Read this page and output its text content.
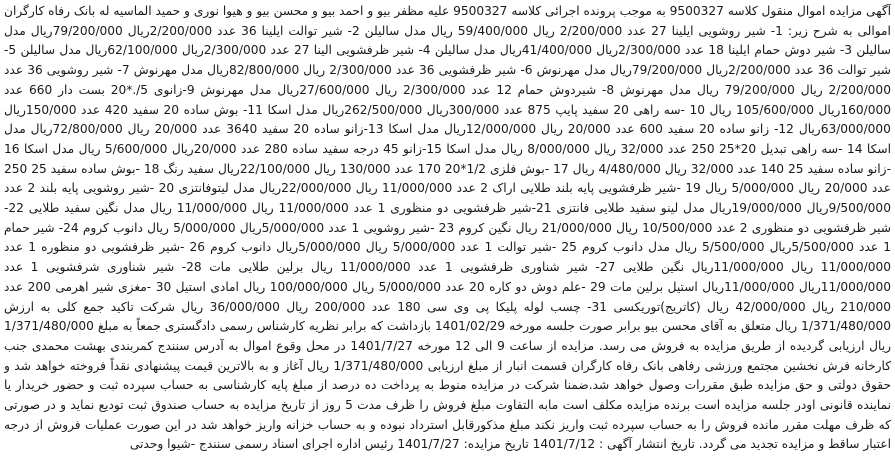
آگهی مزایده اموال منقول کلاسه 9500327 به موجب پرونده اجرائی کلاسه 9500327 علیه مظفر بیو و احمد بیو و محسن بیو و هیوا نوری و حمید الماسیه له بانک رفاه کارگران اموالی به شرح زیر: 1- شیر روشویی ایلینا 27 عدد 2/200/000 ریال 59/400/000 ریال مدل سالیلن 2- شیر توالت ایلینا 36 عدد 2/200/000ریال 79/200/000ریال مدل سالیلن 3- شیر دوش حمام ایلینا 18 عدد 2/300/000ریال 41/400/000ریال مدل سالیلن 4- شیر ظرفشویی الینا 27 عدد 2/300/000ریال 62/100/000ریال مدل سالیلن 5- شیر توالت 36 عدد 2/200/000ریال 79/200/000ریال مدل مهرنوش 6- شیر ظرفشویی 36 عدد 2/300/000 ریال 82/800/000ریال مدل مهرنوش 7- شیر روشویی 36 عدد 2/200/000 ریال 79/200/000 ریال مدل مهرنوش 8- شیردوش حمام 12 عدد 2/300/000 ریال 27/600/000ریال مدل مهرنوش 9-زانوی 5/.*20 بست دار 660 عدد 160/000ریال 105/600/000 ریال 10 -سه راهی 20 سفید پایپ 875 عدد 300/000ریال 262/500/000ریال مدل اسکا 11- بوش ساده 20 سفید 420 عدد 150/000ریال 63/000/000ریال 12- زانو ساده 20 سفید 600 عدد 20/000 ریال 12/000/000ریال مدل اسکا 13-زانو ساده 20 سفید 3640 عدد 20/000 ریال 72/800/000ریال مدل اسکا 14 -سه راهی تبدیل 20*25 250 عدد 32/000 ریال 8/000/000 ریال مدل اسکا 15-زانو 45 درجه سفید ساده 280 عدد 20/000ریال 5/600/000 ریال مدل اسکا 16 -زانو ساده سفید 25 140 عدد 32/000 ریال 4/480/000 ریال 17 -بوش فلزی 1/2*20 170 عدد 130/000 ریال 22/100/000ریال سفید رنگ 18 -بوش ساده سفید 25 250 عدد 20/000 ریال 5/000/000 ریال 19 -شیر ظرفشویی پایه بلند طلایی اراک 2 عدد 11/000/000 ریال 22/000/000ریال مدل لیتوفانتزی 20 -شیر روشویی پایه بلند 2 عدد 9/500/000ریال 19/000/000ریال مدل لینو سفید طلایی فانتزی 21-شیر ظرفشویی دو منظوری 1 عدد 11/000/000 ریال 11/000/000 ریال مدل نگین سفید طلایی 22- شیر ظرفشویی دو منظوری 2 عدد 10/500/000 ریال 21/000/000 ریال نگین کروم 23 -شیر روشویی 1 عدد 5/000/000ریال 5/000/000 ریال دانوب کروم 24- شیر حمام 1 عدد 5/500/000ریال 5/500/000 ریال مدل دانوب کروم 25 -شیر توالت 1 عدد 5/000/000 ریال 5/000/000ریال دانوب کروم 26 -شیر ظرفشویی دو منظوره 1 عدد 11/000/000 ریال 11/000/000ریال نگین طلایی 27- شیر شناوری ظرفشویی 1 عدد 11/000/000 ریال برلین طلایی مات 28- شیر شناوری شرفشویی 1 عدد 11/000/000ریال 11/000/000ریال استیل برلین مات 29 -علم دوش دو کاره 20 عدد 5/000/000 ریال 100/000/000 ریال امادی استیل 30 -مغزی شیر اهرمی 200 عدد 210/000 ریال 42/000/000 ریال (کاتریج)توریکسی 31- چسب لوله پلیکا پی وی سی 180 عدد 200/000 ریال 36/000/000 ریال شرکت تاکید جمع کلی به ارزش 1/371/480/000 ریال متعلق به آقای محسن بیو برابر صورت جلسه مورخه 1401/02/29 بازداشت که برابر نظریه کارشناس رسمی دادگستری جمعاً به مبلغ 1/371/480/000 ریال ارزیابی گردیده از طریق مزایده به فروش می رسد. مزایده از ساعت 9 الی 12 مورخه 1401/7/27 در محل وقوع اموال به آدرس سنندج کمربندی بهشت محمدی جنب کارخانه فرش نخشین مجتمع ورزشی رفاهی بانک رفاه کارگران قسمت انبار از مبلغ ارزیابی 1/371/480/000 ریال آغاز و به بالاترین قیمت پیشنهادی نقداً فروخته خواهد شد و حقوق دولتی و حق مزایده طبق مقررات وصول خواهد شد.ضمنا شرکت در مزایده منوط به پرداخت ده درصد از مبلغ پایه کارشناسی به حساب سپرده ثبت و حضور خریدار یا نماینده قانونی اودر جلسه مزایده است برنده مزایده مکلف است مابه التفاوت مبلغ فروش را ظرف مدت 5 روز از تاریخ مزایده به حساب صندوق ثبت تودیع نماید و در صورتی که ظرف مهلت مقرر مانده فروش را به حساب سپرده ثبت واریز نکند مبلغ مذکورقابل استرداد نبوده و به حساب خزانه واریز خواهد شد در این صورت عملیات فروش از درجه اعتبار ساقط و مزایده تجدید می گردد. تاریخ انتشار آگهی : 1401/7/12 تاریخ مزایده: 1401/7/27 رئیس اداره اجرای اسناد رسمی سنندج -شیوا وحدتی
